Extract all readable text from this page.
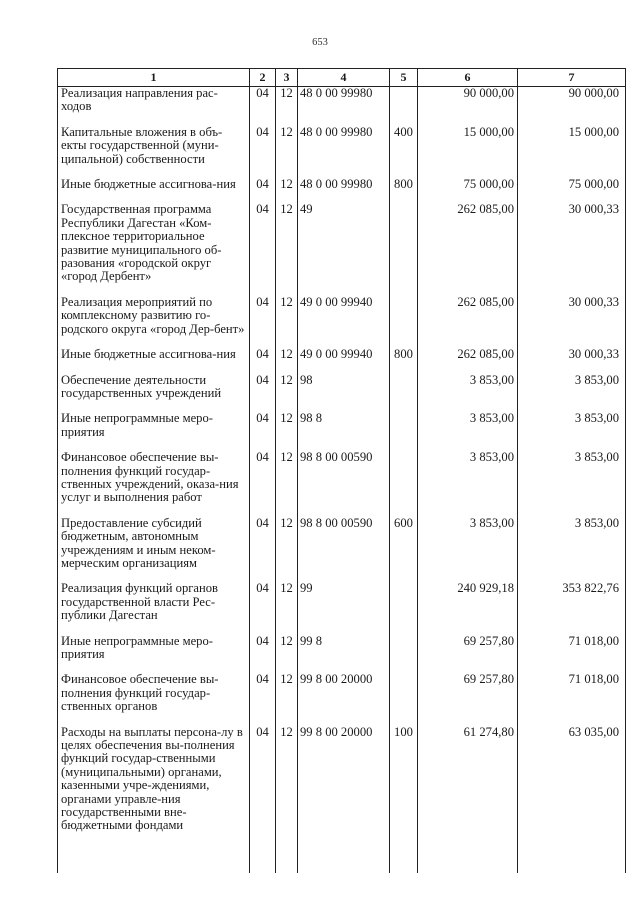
653
1	2	3	4	5	6	7
Реализация направления рас-ходов	04	12	48 0 00 99980		90 000,00	90 000,00
Капитальные вложения в объ-екты государственной (муни-ципальной) собственности	04	12	48 0 00 99980	400	15 000,00	15 000,00
Иные бюджетные ассигнова-ния	04	12	48 0 00 99980	800	75 000,00	75 000,00
Государственная программа Республики Дагестан «Ком-плексное территориальное развитие муниципального об-разования «городской округ «город Дербент»	04	12	49		262 085,00	30 000,33
Реализация мероприятий по комплексному развитию го-родского округа «город Дер-бент»	04	12	49 0 00 99940		262 085,00	30 000,33
Иные бюджетные ассигнова-ния	04	12	49 0 00 99940	800	262 085,00	30 000,33
Обеспечение деятельности государственных учреждений	04	12	98		3 853,00	3 853,00
Иные непрограммные меро-приятия	04	12	98 8		3 853,00	3 853,00
Финансовое обеспечение вы-полнения функций государ-ственных учреждений, оказа-ния услуг и выполнения работ	04	12	98 8 00 00590		3 853,00	3 853,00
Предоставление субсидий бюджетным, автономным учреждениям и иным неком-мерческим организациям	04	12	98 8 00 00590	600	3 853,00	3 853,00
Реализация функций органов государственной власти Рес-публики Дагестан	04	12	99		240 929,18	353 822,76
Иные непрограммные меро-приятия	04	12	99 8		69 257,80	71 018,00
Финансовое обеспечение вы-полнения функций государ-ственных органов	04	12	99 8 00 20000		69 257,80	71 018,00
Расходы на выплаты персона-лу в целях обеспечения вы-полнения функций государ-ственными (муниципальными) органами, казенными учре-ждениями, органами управле-ния государственными вне-бюджетными фондами	04	12	99 8 00 20000	100	61 274,80	63 035,00
